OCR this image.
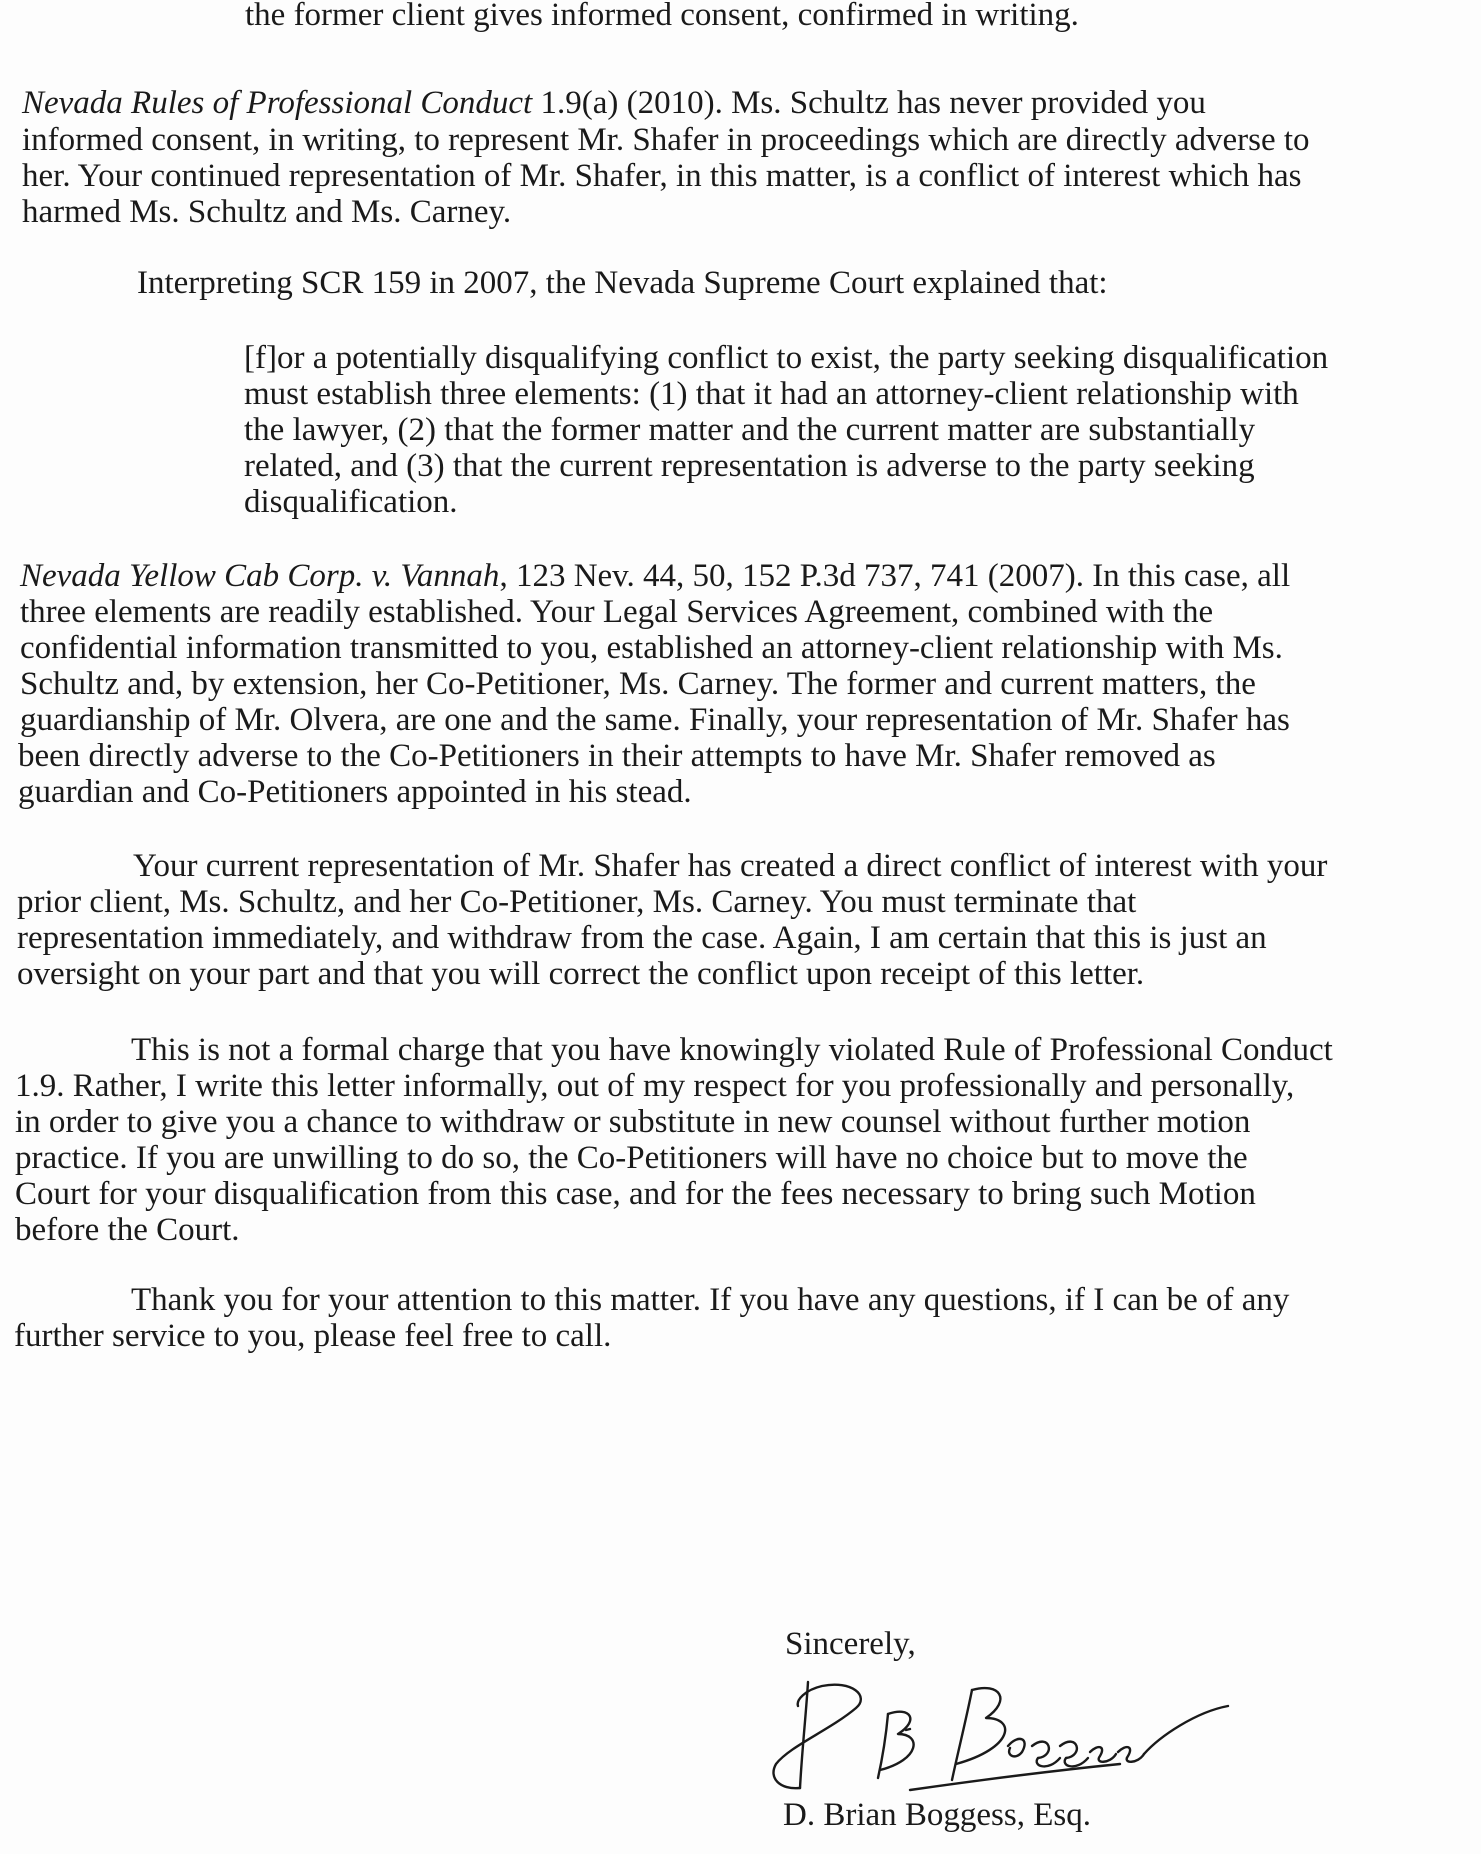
the former client gives informed consent, confirmed in writing.
Nevada Rules of Professional Conduct 1.9(a) (2010). Ms. Schultz has never provided you
informed consent, in writing, to represent Mr. Shafer in proceedings which are directly adverse to
her. Your continued representation of Mr. Shafer, in this matter, is a conflict of interest which has
harmed Ms. Schultz and Ms. Carney.
Interpreting SCR 159 in 2007, the Nevada Supreme Court explained that:
[f]or a potentially disqualifying conflict to exist, the party seeking disqualification
must establish three elements: (1) that it had an attorney-client relationship with
the lawyer, (2) that the former matter and the current matter are substantially
related, and (3) that the current representation is adverse to the party seeking
disqualification.
Nevada Yellow Cab Corp. v. Vannah, 123 Nev. 44, 50, 152 P.3d 737, 741 (2007). In this case, all
three elements are readily established. Your Legal Services Agreement, combined with the
confidential information transmitted to you, established an attorney-client relationship with Ms.
Schultz and, by extension, her Co-Petitioner, Ms. Carney. The former and current matters, the
guardianship of Mr. Olvera, are one and the same. Finally, your representation of Mr. Shafer has
been directly adverse to the Co-Petitioners in their attempts to have Mr. Shafer removed as
guardian and Co-Petitioners appointed in his stead.
Your current representation of Mr. Shafer has created a direct conflict of interest with your
prior client, Ms. Schultz, and her Co-Petitioner, Ms. Carney. You must terminate that
representation immediately, and withdraw from the case. Again, I am certain that this is just an
oversight on your part and that you will correct the conflict upon receipt of this letter.
This is not a formal charge that you have knowingly violated Rule of Professional Conduct
1.9. Rather, I write this letter informally, out of my respect for you professionally and personally,
in order to give you a chance to withdraw or substitute in new counsel without further motion
practice. If you are unwilling to do so, the Co-Petitioners will have no choice but to move the
Court for your disqualification from this case, and for the fees necessary to bring such Motion
before the Court.
Thank you for your attention to this matter. If you have any questions, if I can be of any
further service to you, please feel free to call.
Sincerely,
D. Brian Boggess, Esq.
